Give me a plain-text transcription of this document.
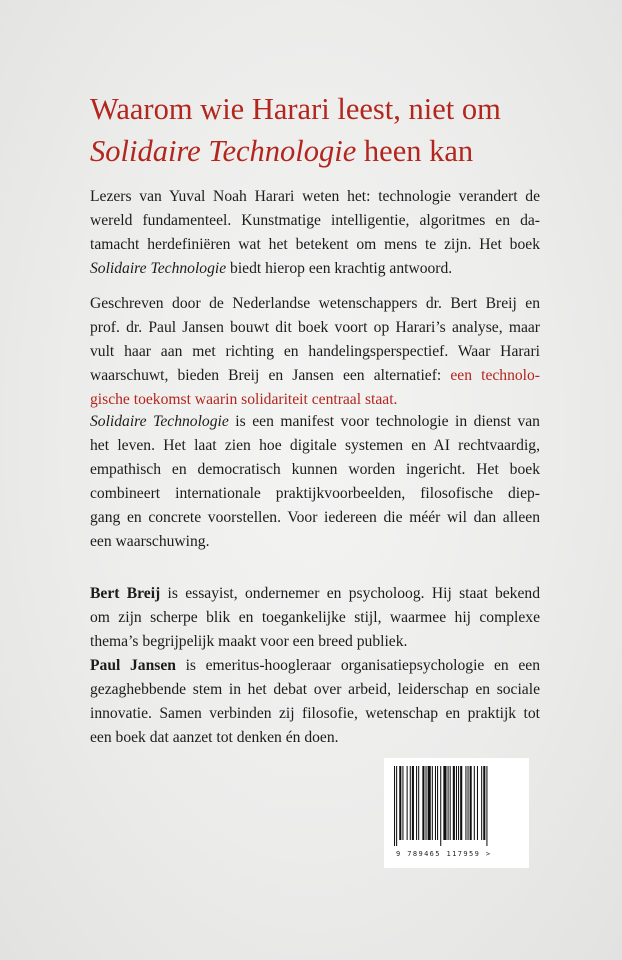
Waarom wie Harari leest, niet om
Solidaire Technologie heen kan

Lezers van Yuval Noah Harari weten het: technologie verandert de
wereld fundamenteel. Kunstmatige intelligentie, algoritmes en da-
tamacht herdefiniëren wat het betekent om mens te zijn. Het boek
Solidaire Technologie biedt hierop een krachtig antwoord.

Geschreven door de Nederlandse wetenschappers dr. Bert Breij en
prof. dr. Paul Jansen bouwt dit boek voort op Harari’s analyse, maar
vult haar aan met richting en handelingsperspectief. Waar Harari
waarschuwt, bieden Breij en Jansen een alternatief: een technolo-
gische toekomst waarin solidariteit centraal staat.

Solidaire Technologie is een manifest voor technologie in dienst van
het leven. Het laat zien hoe digitale systemen en AI rechtvaardig,
empathisch en democratisch kunnen worden ingericht. Het boek
combineert internationale praktijkvoorbeelden, filosofische diep-
gang en concrete voorstellen. Voor iedereen die méér wil dan alleen
een waarschuwing.

Bert Breij is essayist, ondernemer en psycholoog. Hij staat bekend
om zijn scherpe blik en toegankelijke stijl, waarmee hij complexe
thema’s begrijpelijk maakt voor een breed publiek.
Paul Jansen is emeritus-hoogleraar organisatiepsychologie en een
gezaghebbende stem in het debat over arbeid, leiderschap en sociale
innovatie. Samen verbinden zij filosofie, wetenschap en praktijk tot
een boek dat aanzet tot denken én doen.

9 789465 117959 >
